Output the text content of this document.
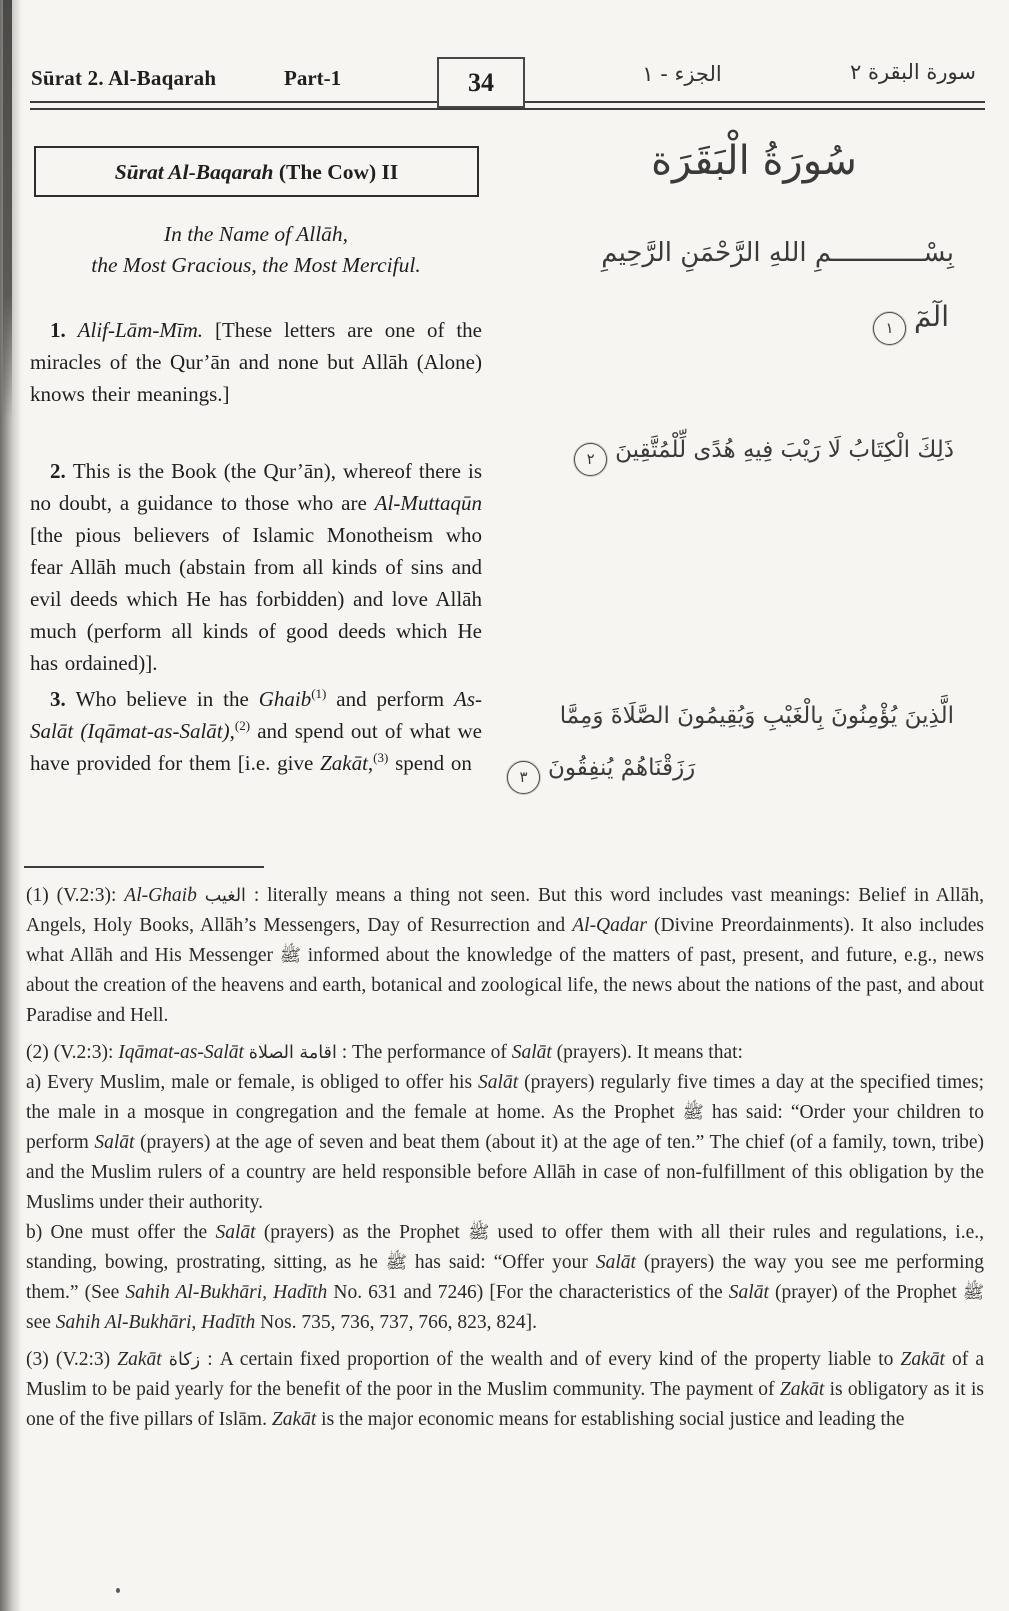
Sūrat 2. Al-Baqarah	Part-1	34	الجزء - ١	سورة البقرة ٢
Sūrat Al-Baqarah (The Cow) II
In the Name of Allāh,
the Most Gracious, the Most Merciful.

1. Alif-Lām-Mīm. [These letters are one of the miracles of the Qur’ān and none but Allāh (Alone) knows their meanings.]

2. This is the Book (the Qur’ān), whereof there is no doubt, a guidance to those who are Al-Muttaqūn [the pious believers of Islamic Monotheism who fear Allāh much (abstain from all kinds of sins and evil deeds which He has forbidden) and love Allāh much (perform all kinds of good deeds which He has ordained)].

3. Who believe in the Ghaib$^{(1)}$ and perform As-Salāt (Iqāmat-as-Salāt),$^{(2)}$ and spend out of what we have provided for them [i.e. give Zakāt,$^{(3)}$ spend on

سُورَةُ الْبَقَرَة
بِسْــــــــــــمِ اللهِ الرَّحْمَنِ الرَّحِيمِ
الٓمٓ
١
ذَلِكَ الْكِتَابُ لَا رَيْبَ فِيهِ هُدًى لِّلْمُتَّقِينَ
٢
الَّذِينَ يُؤْمِنُونَ بِالْغَيْبِ وَيُقِيمُونَ الصَّلَاةَ وَمِمَّا
رَزَقْنَاهُمْ يُنفِقُونَ
٣

(1) (V.2:3): Al-Ghaib الغيب : literally means a thing not seen. But this word includes vast meanings: Belief in Allāh, Angels, Holy Books, Allāh’s Messengers, Day of Resurrection and Al-Qadar (Divine Preordainments). It also includes what Allāh and His Messenger ﷺ informed about the knowledge of the matters of past, present, and future, e.g., news about the creation of the heavens and earth, botanical and zoological life, the news about the nations of the past, and about Paradise and Hell.

(2) (V.2:3): Iqāmat-as-Salāt اقامة الصلاة : The performance of Salāt (prayers). It means that:

a) Every Muslim, male or female, is obliged to offer his Salāt (prayers) regularly five times a day at the specified times; the male in a mosque in congregation and the female at home. As the Prophet ﷺ has said: “Order your children to perform Salāt (prayers) at the age of seven and beat them (about it) at the age of ten.” The chief (of a family, town, tribe) and the Muslim rulers of a country are held responsible before Allāh in case of non-fulfillment of this obligation by the Muslims under their authority.

b) One must offer the Salāt (prayers) as the Prophet ﷺ used to offer them with all their rules and regulations, i.e., standing, bowing, prostrating, sitting, as he ﷺ has said: “Offer your Salāt (prayers) the way you see me performing them.” (See Sahih Al-Bukhāri, Hadīth No. 631 and 7246) [For the characteristics of the Salāt (prayer) of the Prophet ﷺ see Sahih Al-Bukhāri, Hadīth Nos. 735, 736, 737, 766, 823, 824].

(3) (V.2:3) Zakāt زكاة : A certain fixed proportion of the wealth and of every kind of the property liable to Zakāt of a Muslim to be paid yearly for the benefit of the poor in the Muslim community. The payment of Zakāt is obligatory as it is one of the five pillars of Islām. Zakāt is the major economic means for establishing social justice and leading the
